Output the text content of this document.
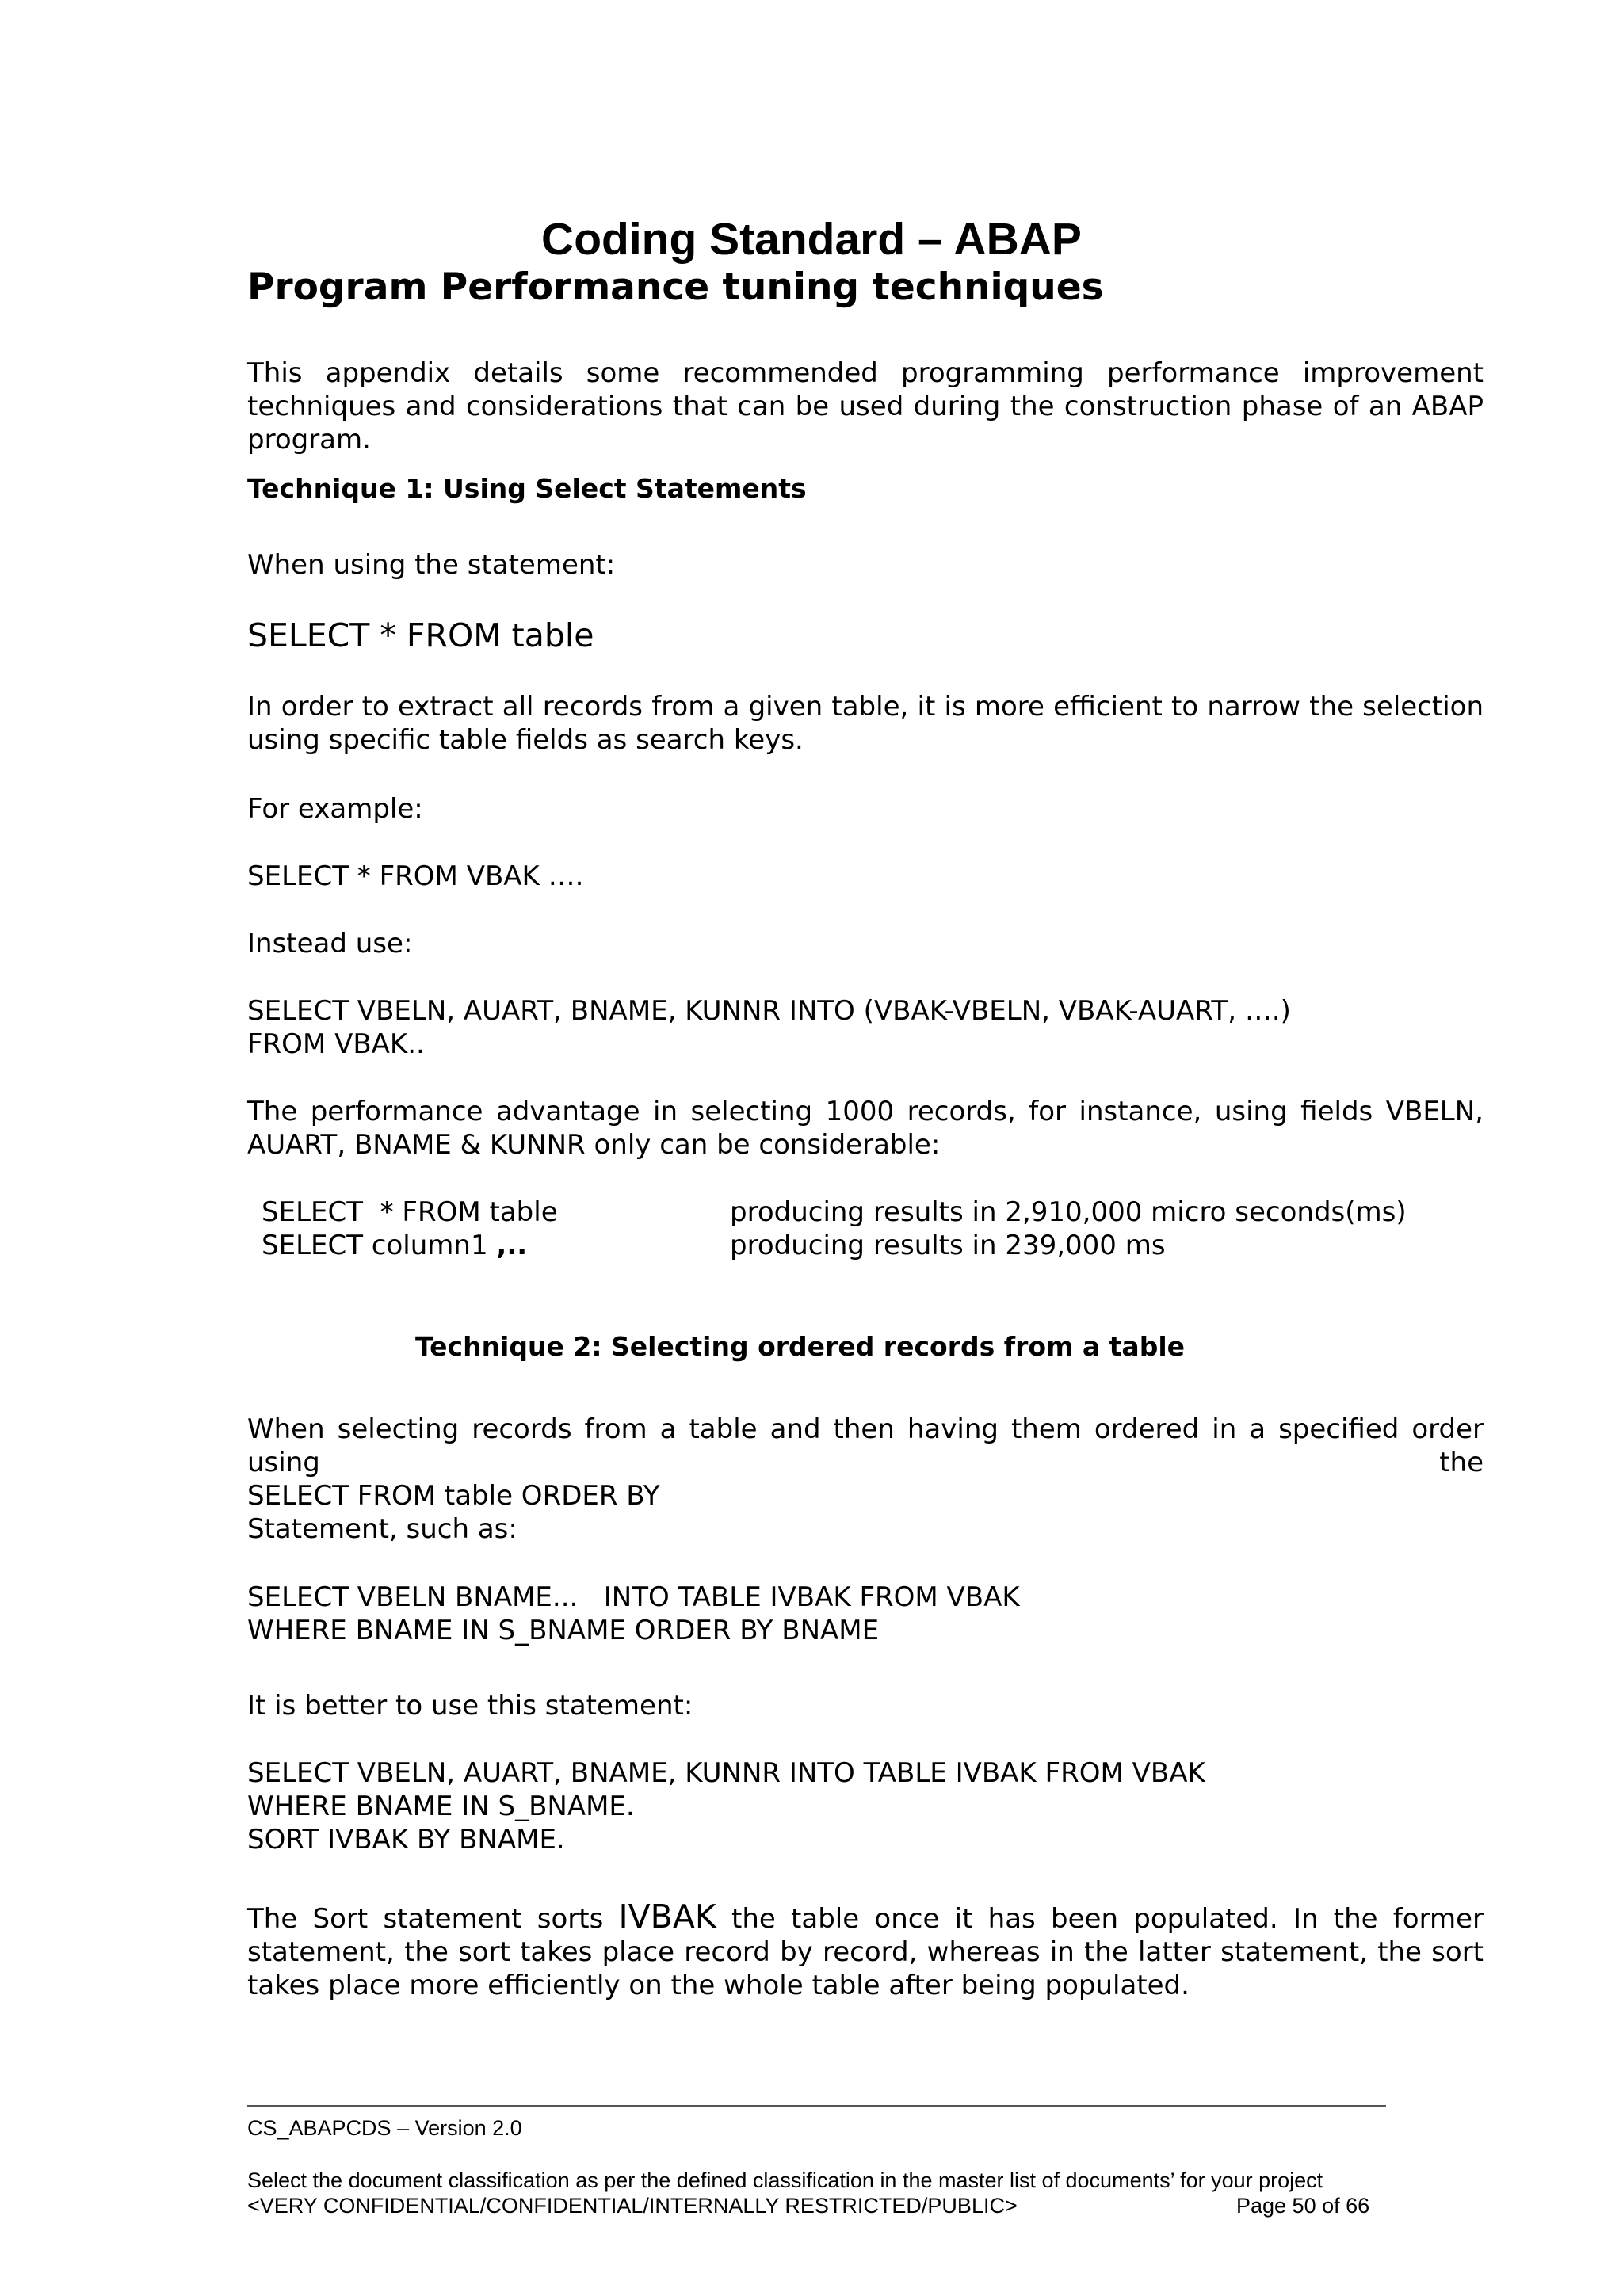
Coding Standard – ABAP
Program Performance tuning techniques
This appendix details some recommended programming performance improvement techniques and considerations that can be used during the construction phase of an ABAP program.
Technique 1: Using Select Statements
When using the statement:
SELECT * FROM table
In order to extract all records from a given table, it is more efficient to narrow the selection using specific table fields as search keys.
For example:
SELECT * FROM VBAK ….
Instead use:
SELECT VBELN, AUART, BNAME, KUNNR INTO (VBAK-VBELN, VBAK-AUART, ….)
FROM VBAK..
The performance advantage in selecting 1000 records, for instance, using fields VBELN, AUART, BNAME & KUNNR only can be considerable:
SELECT  * FROM table	producing results in 2,910,000 micro seconds(ms)
SELECT column1 ,..	producing results in 239,000 ms
Technique 2: Selecting ordered records from a table
When selecting records from a table and then having them ordered in a specified order using the
SELECT FROM table ORDER BY
Statement, such as:
SELECT VBELN BNAME...   INTO TABLE IVBAK FROM VBAK
WHERE BNAME IN S_BNAME ORDER BY BNAME
It is better to use this statement:
SELECT VBELN, AUART, BNAME, KUNNR INTO TABLE IVBAK FROM VBAK
WHERE BNAME IN S_BNAME.
SORT IVBAK BY BNAME.
The Sort statement sorts IVBAK the table once it has been populated. In the former statement, the sort takes place record by record, whereas in the latter statement, the sort takes place more efficiently on the whole table after being populated.
CS_ABAPCDS – Version 2.0
Select the document classification as per the defined classification in the master list of documents’ for your project
<VERY CONFIDENTIAL/CONFIDENTIAL/INTERNALLY RESTRICTED/PUBLIC>	Page 50 of 66
